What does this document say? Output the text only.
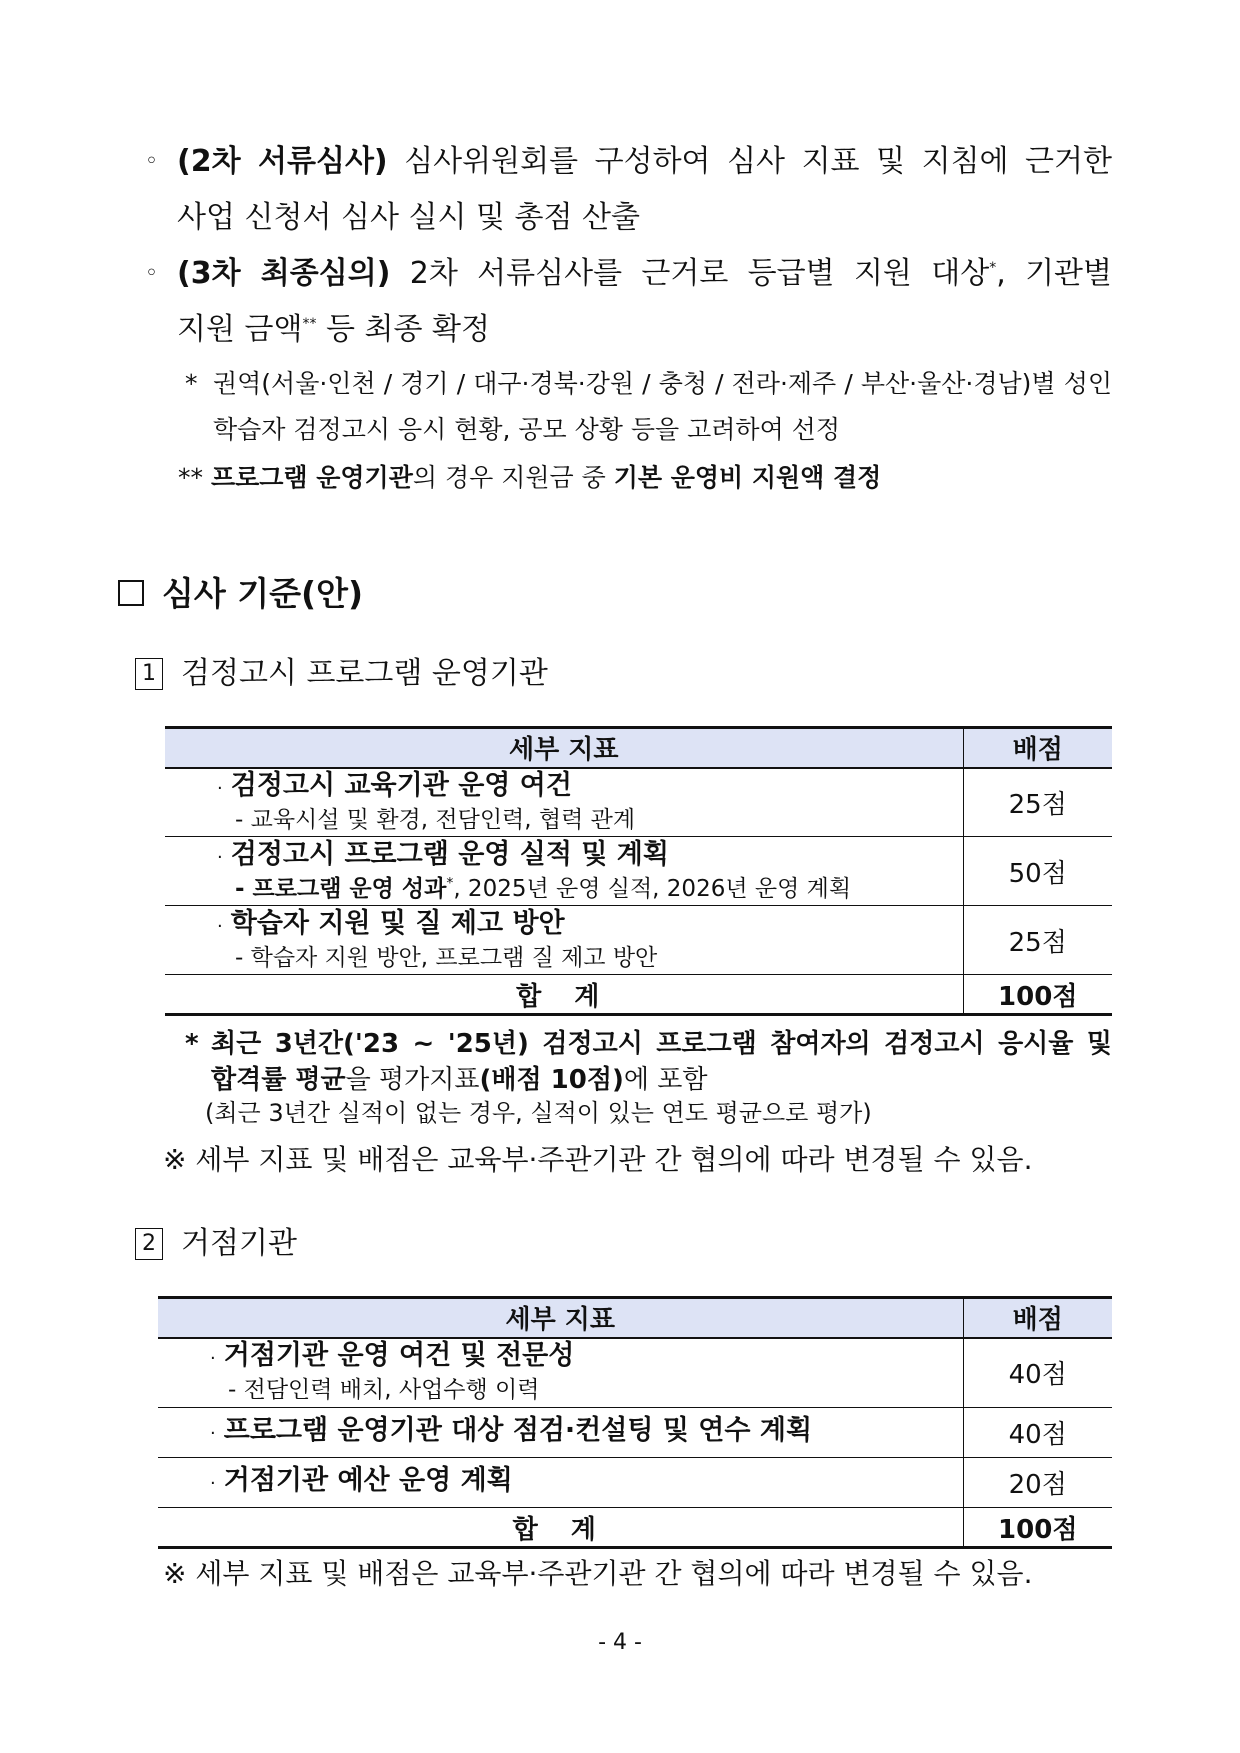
◦ (2차 서류심사) 심사위원회를 구성하여 심사 지표 및 지침에 근거한
사업 신청서 심사 실시 및 총점 산출
◦ (3차 최종심의) 2차 서류심사를 근거로 등급별 지원 대상*, 기관별
지원 금액** 등 최종 확정
* 권역(서울·인천 / 경기 / 대구·경북·강원 / 충청 / 전라·제주 / 부산·울산·경남)별 성인
학습자 검정고시 응시 현황, 공모 상황 등을 고려하여 선정
** 프로그램 운영기관의 경우 지원금 중 기본 운영비 지원액 결정
심사 기준(안)
1 검정고시 프로그램 운영기관
세부 지표	배점

· 검정고시 교육기관 운영 여건
- 교육시설 및 환경, 전담인력, 협력 관계	25점

· 검정고시 프로그램 운영 실적 및 계획
- 프로그램 운영 성과*, 2025년 운영 실적, 2026년 운영 계획	50점

· 학습자 지원 및 질 제고 방안
- 학습자 지원 방안, 프로그램 질 제고 방안	25점
합 계	100점
* 최근 3년간('23 ~ '25년) 검정고시 프로그램 참여자의 검정고시 응시율 및
합격률 평균을 평가지표(배점 10점)에 포함
(최근 3년간 실적이 없는 경우, 실적이 있는 연도 평균으로 평가)
※ 세부 지표 및 배점은 교육부·주관기관 간 협의에 따라 변경될 수 있음.
2 거점기관
세부 지표	배점

· 거점기관 운영 여건 및 전문성
- 전담인력 배치, 사업수행 이력	40점

· 프로그램 운영기관 대상 점검·컨설팅 및 연수 계획	40점

· 거점기관 예산 운영 계획	20점
합 계	100점
※ 세부 지표 및 배점은 교육부·주관기관 간 협의에 따라 변경될 수 있음.
- 4 -
